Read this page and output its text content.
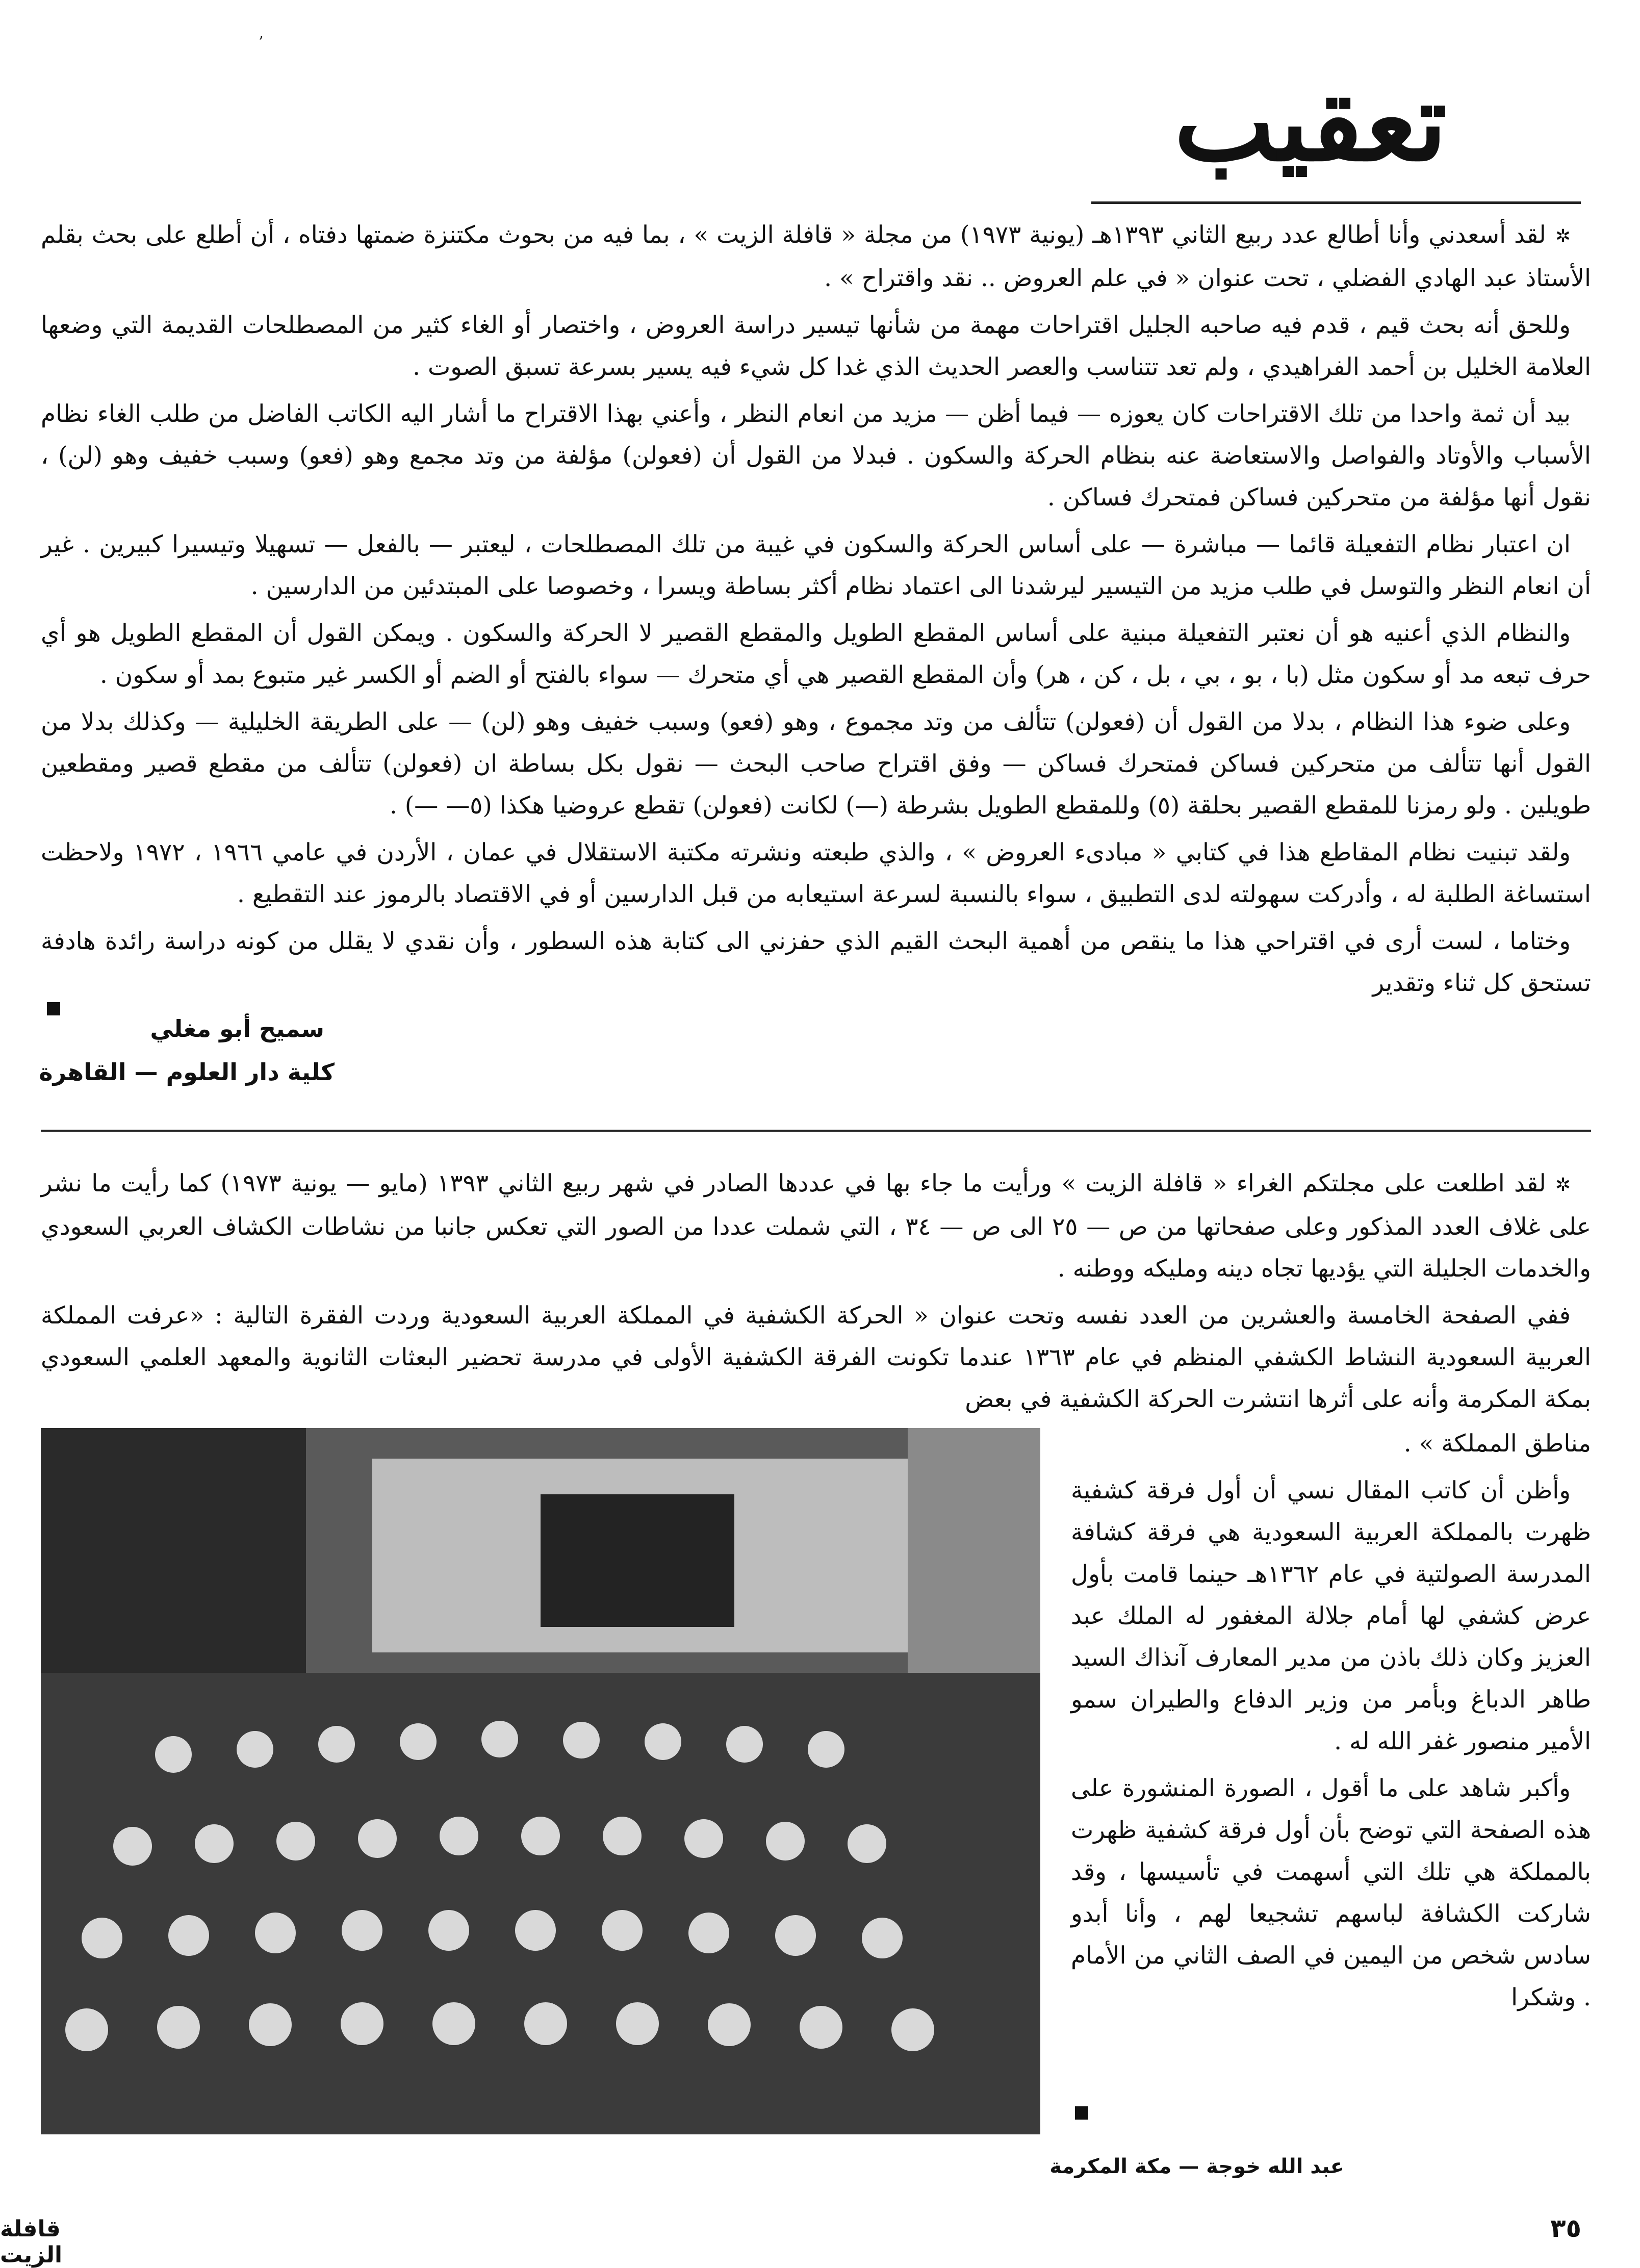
,
تعقيب

✲لقد أسعدني وأنا أطالع عدد ربيع الثاني ١٣٩٣هـ (يونية ١٩٧٣) من مجلة « قافلة الزيت » ، بما فيه من بحوث مكتنزة ضمتها دفتاه ، أن أطلع على بحث بقلم الأستاذ عبد الهادي الفضلي ، تحت عنوان « في علم العروض .. نقد واقتراح » .

وللحق أنه بحث قيم ، قدم فيه صاحبه الجليل اقتراحات مهمة من شأنها تيسير دراسة العروض ، واختصار أو الغاء كثير من المصطلحات القديمة التي وضعها العلامة الخليل بن أحمد الفراهيدي ، ولم تعد تتناسب والعصر الحديث الذي غدا كل شيء فيه يسير بسرعة تسبق الصوت .

بيد أن ثمة واحدا من تلك الاقتراحات كان يعوزه — فيما أظن — مزيد من انعام النظر ، وأعني بهذا الاقتراح ما أشار اليه الكاتب الفاضل من طلب الغاء نظام الأسباب والأوتاد والفواصل والاستعاضة عنه بنظام الحركة والسكون . فبدلا من القول أن (فعولن) مؤلفة من وتد مجمع وهو (فعو) وسبب خفيف وهو (لن) ، نقول أنها مؤلفة من متحركين فساكن فمتحرك فساكن .

ان اعتبار نظام التفعيلة قائما — مباشرة — على أساس الحركة والسكون في غيبة من تلك المصطلحات ، ليعتبر — بالفعل — تسهيلا وتيسيرا كبيرين . غير أن انعام النظر والتوسل في طلب مزيد من التيسير ليرشدنا الى اعتماد نظام أكثر بساطة ويسرا ، وخصوصا على المبتدئين من الدارسين .

والنظام الذي أعنيه هو أن نعتبر التفعيلة مبنية على أساس المقطع الطويل والمقطع القصير لا الحركة والسكون . ويمكن القول أن المقطع الطويل هو أي حرف تبعه مد أو سكون مثل (با ، بو ، بي ، بل ، كن ، هر) وأن المقطع القصير هي أي متحرك — سواء بالفتح أو الضم أو الكسر غير متبوع بمد أو سكون .

وعلى ضوء هذا النظام ، بدلا من القول أن (فعولن) تتألف من وتد مجموع ، وهو (فعو) وسبب خفيف وهو (لن) — على الطريقة الخليلية — وكذلك بدلا من القول أنها تتألف من متحركين فساكن فمتحرك فساكن — وفق اقتراح صاحب البحث — نقول بكل بساطة ان (فعولن) تتألف من مقطع قصير ومقطعين طويلين . ولو رمزنا للمقطع القصير بحلقة (٥) وللمقطع الطويل بشرطة (—) لكانت (فعولن) تقطع عروضيا هكذا (٥— —) .

ولقد تبنيت نظام المقاطع هذا في كتابي « مبادىء العروض » ، والذي طبعته ونشرته مكتبة الاستقلال في عمان ، الأردن في عامي ١٩٦٦ ، ١٩٧٢ ولاحظت استساغة الطلبة له ، وأدركت سهولته لدى التطبيق ، سواء بالنسبة لسرعة استيعابه من قبل الدارسين أو في الاقتصاد بالرموز عند التقطيع .

وختاما ، لست أرى في اقتراحي هذا ما ينقص من أهمية البحث القيم الذي حفزني الى كتابة هذه السطور ، وأن نقدي لا يقلل من كونه دراسة رائدة هادفة تستحق كل ثناء وتقدير

سميح أبو مغلي
كلية دار العلوم — القاهرة

✲لقد اطلعت على مجلتكم الغراء « قافلة الزيت » ورأيت ما جاء بها في عددها الصادر في شهر ربيع الثاني ١٣٩٣ (مايو — يونية ١٩٧٣) كما رأيت ما نشر على غلاف العدد المذكور وعلى صفحاتها من ص — ٢٥ الى ص — ٣٤ ، التي شملت عددا من الصور التي تعكس جانبا من نشاطات الكشاف العربي السعودي والخدمات الجليلة التي يؤديها تجاه دينه ومليكه ووطنه .

ففي الصفحة الخامسة والعشرين من العدد نفسه وتحت عنوان « الحركة الكشفية في المملكة العربية السعودية وردت الفقرة التالية : «عرفت المملكة العربية السعودية النشاط الكشفي المنظم في عام ١٣٦٣ عندما تكونت الفرقة الكشفية الأولى في مدرسة تحضير البعثات الثانوية والمعهد العلمي السعودي بمكة المكرمة وأنه على أثرها انتشرت الحركة الكشفية في بعض

مناطق المملكة » .

وأظن أن كاتب المقال نسي أن أول فرقة كشفية ظهرت بالمملكة العربية السعودية هي فرقة كشافة المدرسة الصولتية في عام ١٣٦٢هـ حينما قامت بأول عرض كشفي لها أمام جلالة المغفور له الملك عبد العزيز وكان ذلك باذن من مدير المعارف آنذاك السيد طاهر الدباغ وبأمر من وزير الدفاع والطيران سمو الأمير منصور غفر الله له .

وأكبر شاهد على ما أقول ، الصورة المنشورة على هذه الصفحة التي توضح بأن أول فرقة كشفية ظهرت بالمملكة هي تلك التي أسهمت في تأسيسها ، وقد شاركت الكشافة لباسهم تشجيعا لهم ، وأنا أبدو سادس شخص من اليمين في الصف الثاني من الأمام . وشكرا

عبد الله خوجة — مكة المكرمة
٣٥
قافلة الزيت
